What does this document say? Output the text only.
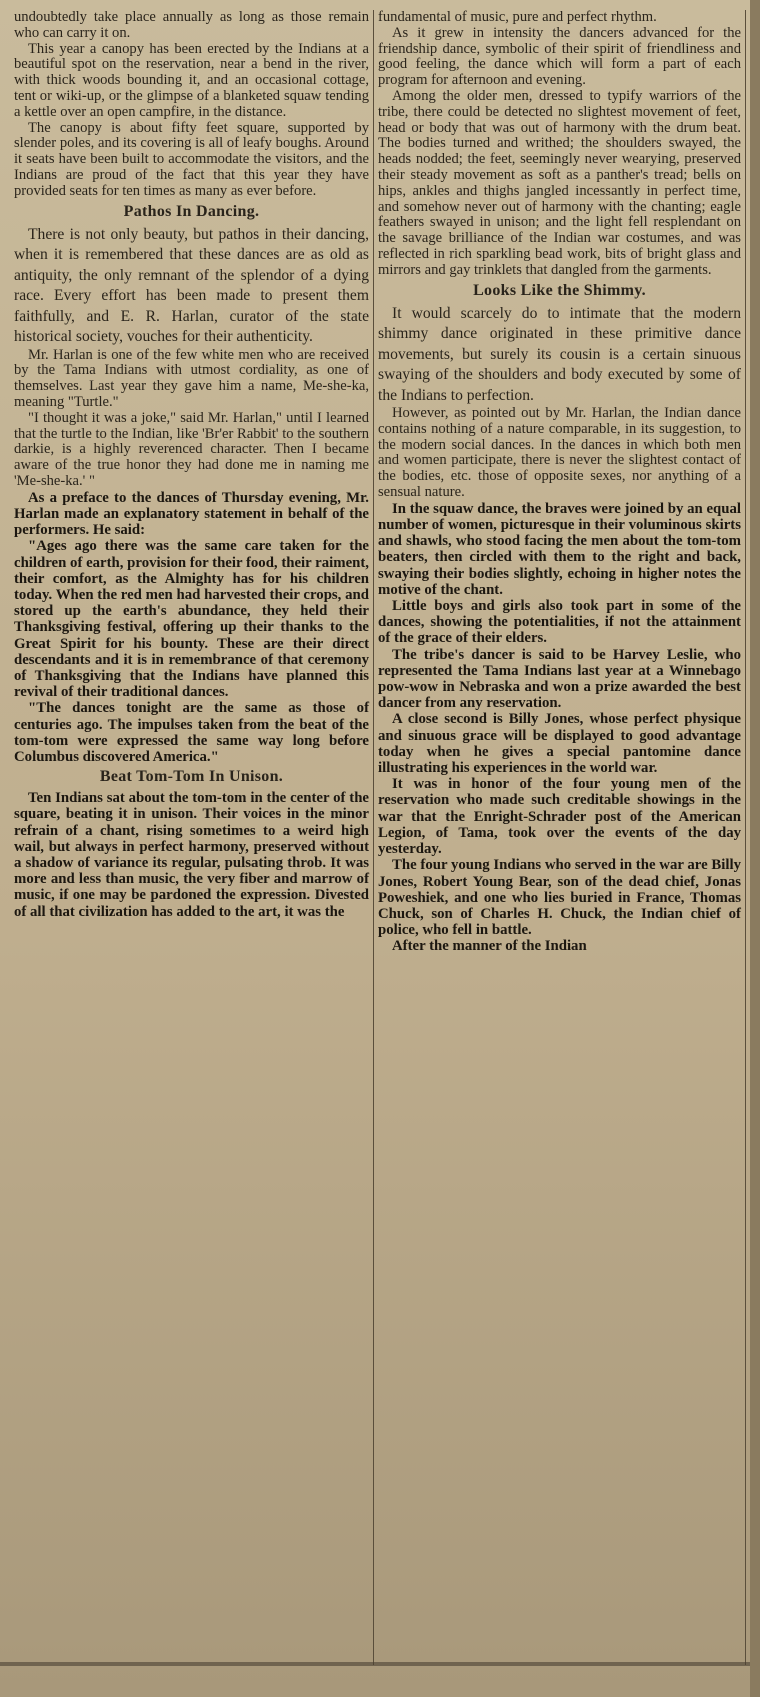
undoubtedly take place annually as long as those remain who can carry it on.

This year a canopy has been erected by the Indians at a beautiful spot on the reservation, near a bend in the river, with thick woods bounding it, and an occasional cottage, tent or wiki-up, or the glimpse of a blanketed squaw tending a kettle over an open campfire, in the distance.

The canopy is about fifty feet square, supported by slender poles, and its covering is all of leafy boughs. Around it seats have been built to accommodate the visitors, and the Indians are proud of the fact that this year they have provided seats for ten times as many as ever before.

Pathos In Dancing.

There is not only beauty, but pathos in their dancing, when it is remembered that these dances are as old as antiquity, the only remnant of the splendor of a dying race. Every effort has been made to present them faithfully, and E. R. Harlan, curator of the state historical society, vouches for their authenticity.

Mr. Harlan is one of the few white men who are received by the Tama Indians with utmost cordiality, as one of themselves. Last year they gave him a name, Me-she-ka, meaning "Turtle."

"I thought it was a joke," said Mr. Harlan," until I learned that the turtle to the Indian, like 'Br'er Rabbit' to the southern darkie, is a highly reverenced character. Then I became aware of the true honor they had done me in naming me 'Me-she-ka.' "

As a preface to the dances of Thursday evening, Mr. Harlan made an explanatory statement in behalf of the performers. He said:

"Ages ago there was the same care taken for the children of earth, provision for their food, their raiment, their comfort, as the Almighty has for his children today. When the red men had harvested their crops, and stored up the earth's abundance, they held their Thanksgiving festival, offering up their thanks to the Great Spirit for his bounty. These are their direct descendants and it is in remembrance of that ceremony of Thanksgiving that the Indians have planned this revival of their traditional dances.

"The dances tonight are the same as those of centuries ago. The impulses taken from the beat of the tom-tom were expressed the same way long before Columbus discovered America."

Beat Tom-Tom In Unison.

Ten Indians sat about the tom-tom in the center of the square, beating it in unison. Their voices in the minor refrain of a chant, rising sometimes to a weird high wail, but always in perfect harmony, preserved without a shadow of variance its regular, pulsating throb. It was more and less than music, the very fiber and marrow of music, if one may be pardoned the expression. Divested of all that civilization has added to the art, it was the

fundamental of music, pure and perfect rhythm.

As it grew in intensity the dancers advanced for the friendship dance, symbolic of their spirit of friendliness and good feeling, the dance which will form a part of each program for afternoon and evening.

Among the older men, dressed to typify warriors of the tribe, there could be detected no slightest movement of feet, head or body that was out of harmony with the drum beat. The bodies turned and writhed; the shoulders swayed, the heads nodded; the feet, seemingly never wearying, preserved their steady movement as soft as a panther's tread; bells on hips, ankles and thighs jangled incessantly in perfect time, and somehow never out of harmony with the chanting; eagle feathers swayed in unison; and the light fell resplendant on the savage brilliance of the Indian war costumes, and was reflected in rich sparkling bead work, bits of bright glass and mirrors and gay trinklets that dangled from the garments.

Looks Like the Shimmy.

It would scarcely do to intimate that the modern shimmy dance originated in these primitive dance movements, but surely its cousin is a certain sinuous swaying of the shoulders and body executed by some of the Indians to perfection.

However, as pointed out by Mr. Harlan, the Indian dance contains nothing of a nature comparable, in its suggestion, to the modern social dances. In the dances in which both men and women participate, there is never the slightest contact of the bodies, etc. those of opposite sexes, nor anything of a sensual nature.

In the squaw dance, the braves were joined by an equal number of women, picturesque in their voluminous skirts and shawls, who stood facing the men about the tom-tom beaters, then circled with them to the right and back, swaying their bodies slightly, echoing in higher notes the motive of the chant.

Little boys and girls also took part in some of the dances, showing the potentialities, if not the attainment of the grace of their elders.

The tribe's dancer is said to be Harvey Leslie, who represented the Tama Indians last year at a Winnebago pow-wow in Nebraska and won a prize awarded the best dancer from any reservation.

A close second is Billy Jones, whose perfect physique and sinuous grace will be displayed to good advantage today when he gives a special pantomine dance illustrating his experiences in the world war.

It was in honor of the four young men of the reservation who made such creditable showings in the war that the Enright-Schrader post of the American Legion, of Tama, took over the events of the day yesterday.

The four young Indians who served in the war are Billy Jones, Robert Young Bear, son of the dead chief, Jonas Poweshiek, and one who lies buried in France, Thomas Chuck, son of Charles H. Chuck, the Indian chief of police, who fell in battle.

After the manner of the Indian
